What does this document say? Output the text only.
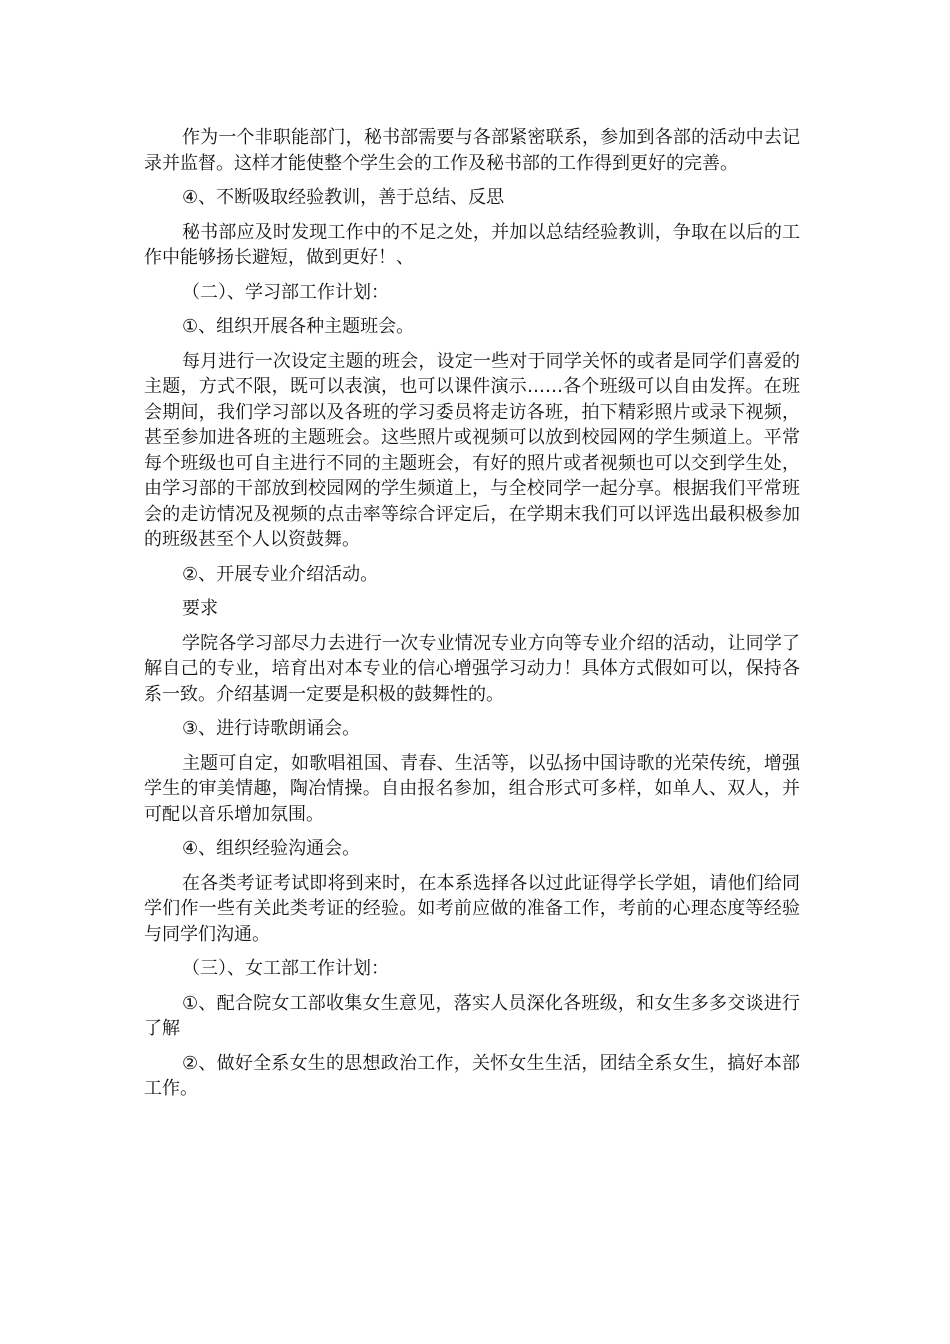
作为一个非职能部门，秘书部需要与各部紧密联系，参加到各部的活动中去记录并监督。这样才能使整个学生会的工作及秘书部的工作得到更好的完善。

④、不断吸取经验教训，善于总结、反思

秘书部应及时发现工作中的不足之处，并加以总结经验教训，争取在以后的工作中能够扬长避短，做到更好！、

（二）、学习部工作计划：

①、组织开展各种主题班会。

每月进行一次设定主题的班会，设定一些对于同学关怀的或者是同学们喜爱的主题，方式不限，既可以表演，也可以课件演示……各个班级可以自由发挥。在班会期间，我们学习部以及各班的学习委员将走访各班，拍下精彩照片或录下视频，甚至参加进各班的主题班会。这些照片或视频可以放到校园网的学生频道上。平常每个班级也可自主进行不同的主题班会，有好的照片或者视频也可以交到学生处，由学习部的干部放到校园网的学生频道上，与全校同学一起分享。根据我们平常班会的走访情况及视频的点击率等综合评定后，在学期末我们可以评选出最积极参加的班级甚至个人以资鼓舞。

②、开展专业介绍活动。

要求

学院各学习部尽力去进行一次专业情况专业方向等专业介绍的活动，让同学了解自己的专业，培育出对本专业的信心增强学习动力！具体方式假如可以，保持各系一致。介绍基调一定要是积极的鼓舞性的。

③、进行诗歌朗诵会。

主题可自定，如歌唱祖国、青春、生活等，以弘扬中国诗歌的光荣传统，增强学生的审美情趣，陶冶情操。自由报名参加，组合形式可多样，如单人、双人，并可配以音乐增加氛围。

④、组织经验沟通会。

在各类考证考试即将到来时，在本系选择各以过此证得学长学姐，请他们给同学们作一些有关此类考证的经验。如考前应做的准备工作，考前的心理态度等经验与同学们沟通。

（三）、女工部工作计划：

①、配合院女工部收集女生意见，落实人员深化各班级，和女生多多交谈进行了解

②、做好全系女生的思想政治工作，关怀女生生活，团结全系女生，搞好本部工作。
